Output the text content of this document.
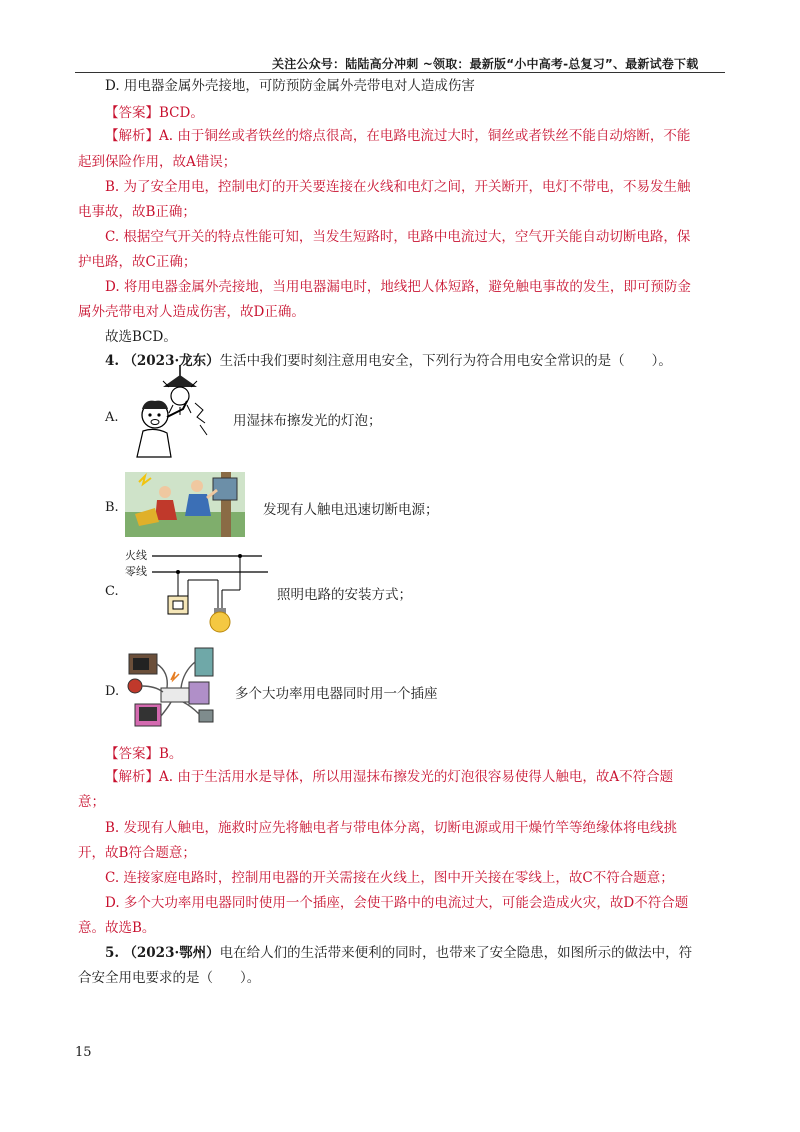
关注公众号：陆陆高分冲刺 ~领取：最新版“小中高考-总复习”、最新试卷下载
D. 用电器金属外壳接地，可防预防金属外壳带电对人造成伤害
【答案】BCD。
【解析】A. 由于铜丝或者铁丝的熔点很高，在电路电流过大时，铜丝或者铁丝不能自动熔断，不能
起到保险作用，故A错误；
B. 为了安全用电，控制电灯的开关要连接在火线和电灯之间，开关断开，电灯不带电，不易发生触
电事故，故B正确；
C. 根据空气开关的特点性能可知，当发生短路时，电路中电流过大，空气开关能自动切断电路，保
护电路，故C正确；
D. 将用电器金属外壳接地，当用电器漏电时，地线把人体短路，避免触电事故的发生，即可预防金
属外壳带电对人造成伤害，故D正确。
故选BCD。
4. （2023·龙东）生活中我们要时刻注意用电安全，下列行为符合用电安全常识的是（　　）。
A.	用湿抹布擦发光的灯泡；
B.	发现有人触电迅速切断电源；
C.
火线
零线
照明电路的安装方式；
D.	多个大功率用电器同时用一个插座
【答案】B。
【解析】A. 由于生活用水是导体，所以用湿抹布擦发光的灯泡很容易使得人触电，故A不符合题
意；
B. 发现有人触电，施救时应先将触电者与带电体分离，切断电源或用干燥竹竿等绝缘体将电线挑
开，故B符合题意；
C. 连接家庭电路时，控制用电器的开关需接在火线上，图中开关接在零线上，故C不符合题意；
D. 多个大功率用电器同时使用一个插座，会使干路中的电流过大，可能会造成火灾，故D不符合题
意。故选B。
5. （2023·鄂州）电在给人们的生活带来便利的同时，也带来了安全隐患，如图所示的做法中，符
合安全用电要求的是（　　）。
15
